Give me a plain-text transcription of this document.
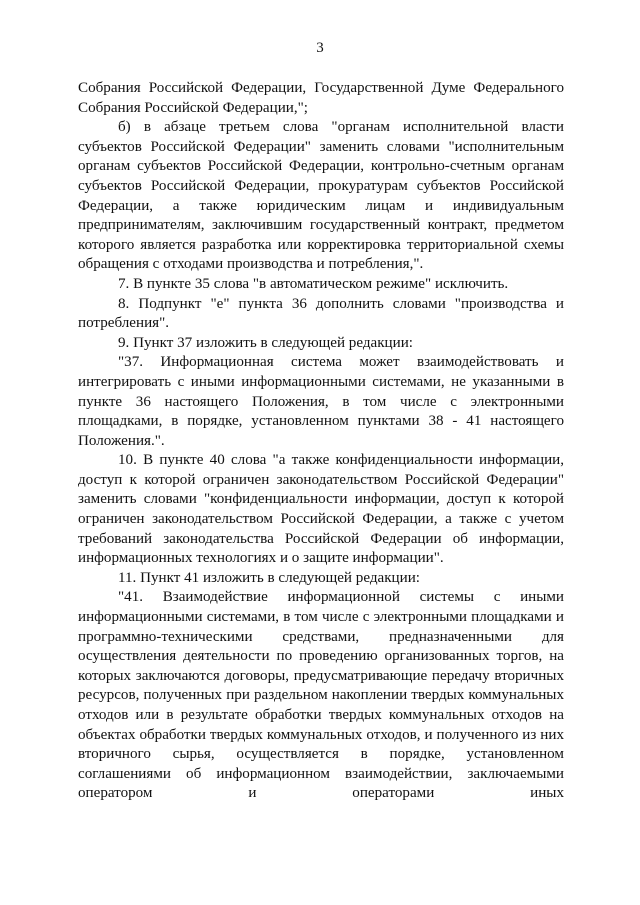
3

Собрания Российской Федерации, Государственной Думе Федерального Собрания Российской Федерации,";

б) в абзаце третьем слова "органам исполнительной власти субъектов Российской Федерации" заменить словами "исполнительным органам субъектов Российской Федерации, контрольно-счетным органам субъектов Российской Федерации, прокуратурам субъектов Российской Федерации, а также юридическим лицам и индивидуальным предпринимателям, заключившим государственный контракт, предметом которого является разработка или корректировка территориальной схемы обращения с отходами производства и потребления,".

7. В пункте 35 слова "в автоматическом режиме" исключить.

8. Подпункт "е" пункта 36 дополнить словами "производства и потребления".

9. Пункт 37 изложить в следующей редакции:

"37. Информационная система может взаимодействовать и интегрировать с иными информационными системами, не указанными в пункте 36 настоящего Положения, в том числе с электронными площадками, в порядке, установленном пунктами 38 - 41 настоящего Положения.".

10. В пункте 40 слова "а также конфиденциальности информации, доступ к которой ограничен законодательством Российской Федерации" заменить словами "конфиденциальности информации, доступ к которой ограничен законодательством Российской Федерации, а также с учетом требований законодательства Российской Федерации об информации, информационных технологиях и о защите информации".

11. Пункт 41 изложить в следующей редакции:

"41. Взаимодействие информационной системы с иными информационными системами, в том числе с электронными площадками и программно-техническими средствами, предназначенными для осуществления деятельности по проведению организованных торгов, на которых заключаются договоры, предусматривающие передачу вторичных ресурсов, полученных при раздельном накоплении твердых коммунальных отходов или в результате обработки твердых коммунальных отходов на объектах обработки твердых коммунальных отходов, и полученного из них вторичного сырья, осуществляется в порядке, установленном соглашениями об информационном взаимодействии, заключаемыми оператором и операторами иных
